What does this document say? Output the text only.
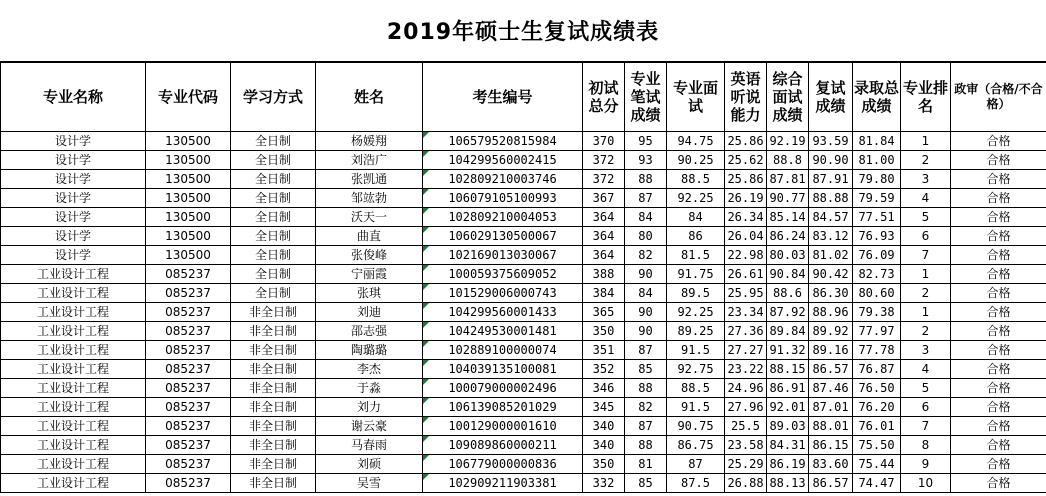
2019年硕士生复试成绩表
专业名称	专业代码	学习方式	姓名	考生编号	初试总分	专业笔试成绩	专业面试	英语听说能力	综合面试成绩	复试成绩	录取总成绩	专业排名	政审（合格/不合格）
设计学	130500	全日制	杨媛翔	106579520815984	370	95	94.75	25.86	92.19	93.59	81.84	1	合格
设计学	130500	全日制	刘浩广	104299560002415	372	93	90.25	25.62	88.8	90.90	81.00	2	合格
设计学	130500	全日制	张凯通	102809210003746	372	88	88.5	25.86	87.81	87.91	79.80	3	合格
设计学	130500	全日制	邹竑勃	106079105100993	367	87	92.25	26.19	90.77	88.88	79.59	4	合格
设计学	130500	全日制	沃天一	102809210004053	364	84	84	26.34	85.14	84.57	77.51	5	合格
设计学	130500	全日制	曲直	106029130500067	364	80	86	26.04	86.24	83.12	76.93	6	合格
设计学	130500	全日制	张俊峰	102169013030067	364	82	81.5	22.98	80.03	81.02	76.09	7	合格
工业设计工程	085237	全日制	宁丽霞	100059375609052	388	90	91.75	26.61	90.84	90.42	82.73	1	合格
工业设计工程	085237	全日制	张琪	101529006000743	384	84	89.5	25.95	88.6	86.30	80.60	2	合格
工业设计工程	085237	非全日制	刘迪	104299560001433	365	90	92.25	23.34	87.92	88.96	79.38	1	合格
工业设计工程	085237	非全日制	邵志强	104249530001481	350	90	89.25	27.36	89.84	89.92	77.97	2	合格
工业设计工程	085237	非全日制	陶璐璐	102889100000074	351	87	91.5	27.27	91.32	89.16	77.78	3	合格
工业设计工程	085237	非全日制	李杰	104039135100081	352	85	92.75	23.22	88.15	86.57	76.87	4	合格
工业设计工程	085237	非全日制	于淼	100079000002496	346	88	88.5	24.96	86.91	87.46	76.50	5	合格
工业设计工程	085237	非全日制	刘力	106139085201029	345	82	91.5	27.96	92.01	87.01	76.20	6	合格
工业设计工程	085237	非全日制	谢云豪	100129000001610	340	87	90.75	25.5	89.03	88.01	76.01	7	合格
工业设计工程	085237	非全日制	马春雨	109089860000211	340	88	86.75	23.58	84.31	86.15	75.50	8	合格
工业设计工程	085237	非全日制	刘硕	106779000000836	350	81	87	25.29	86.19	83.60	75.44	9	合格
工业设计工程	085237	非全日制	吴雪	102909211903381	332	85	87.5	26.88	88.13	86.57	74.47	10	合格
